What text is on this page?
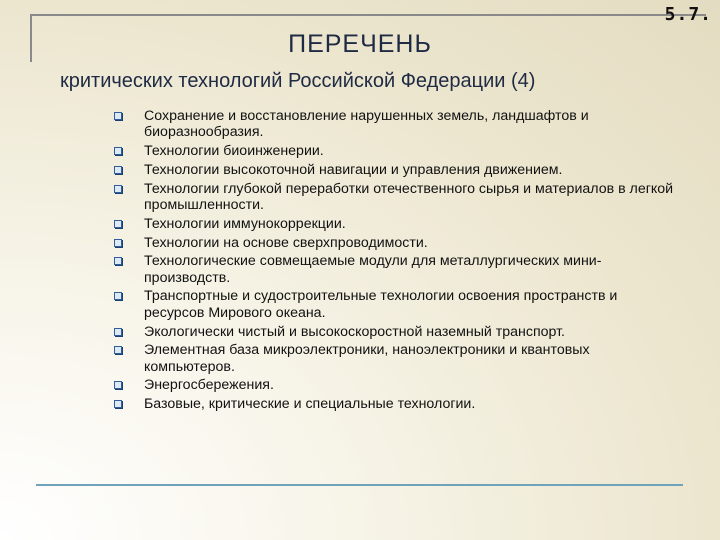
5.7.
ПЕРЕЧЕНЬ
критических технологий Российской Федерации (4)
Сохранение и восстановление нарушенных земель, ландшафтов и биоразнообразия.
Технологии биоинженерии.
Технологии высокоточной навигации и управления движением.
Технологии глубокой переработки отечественного сырья и материалов в легкой промышленности.
Технологии иммунокоррекции.
Технологии на основе сверхпроводимости.
Технологические совмещаемые модули для металлургических мини-производств.
Транспортные и судостроительные технологии освоения пространств и ресурсов Мирового океана.
Экологически чистый и высокоскоростной наземный транспорт.
Элементная база микроэлектроники, наноэлектроники и квантовых компьютеров.
Энергосбережения.
Базовые, критические и специальные технологии.
